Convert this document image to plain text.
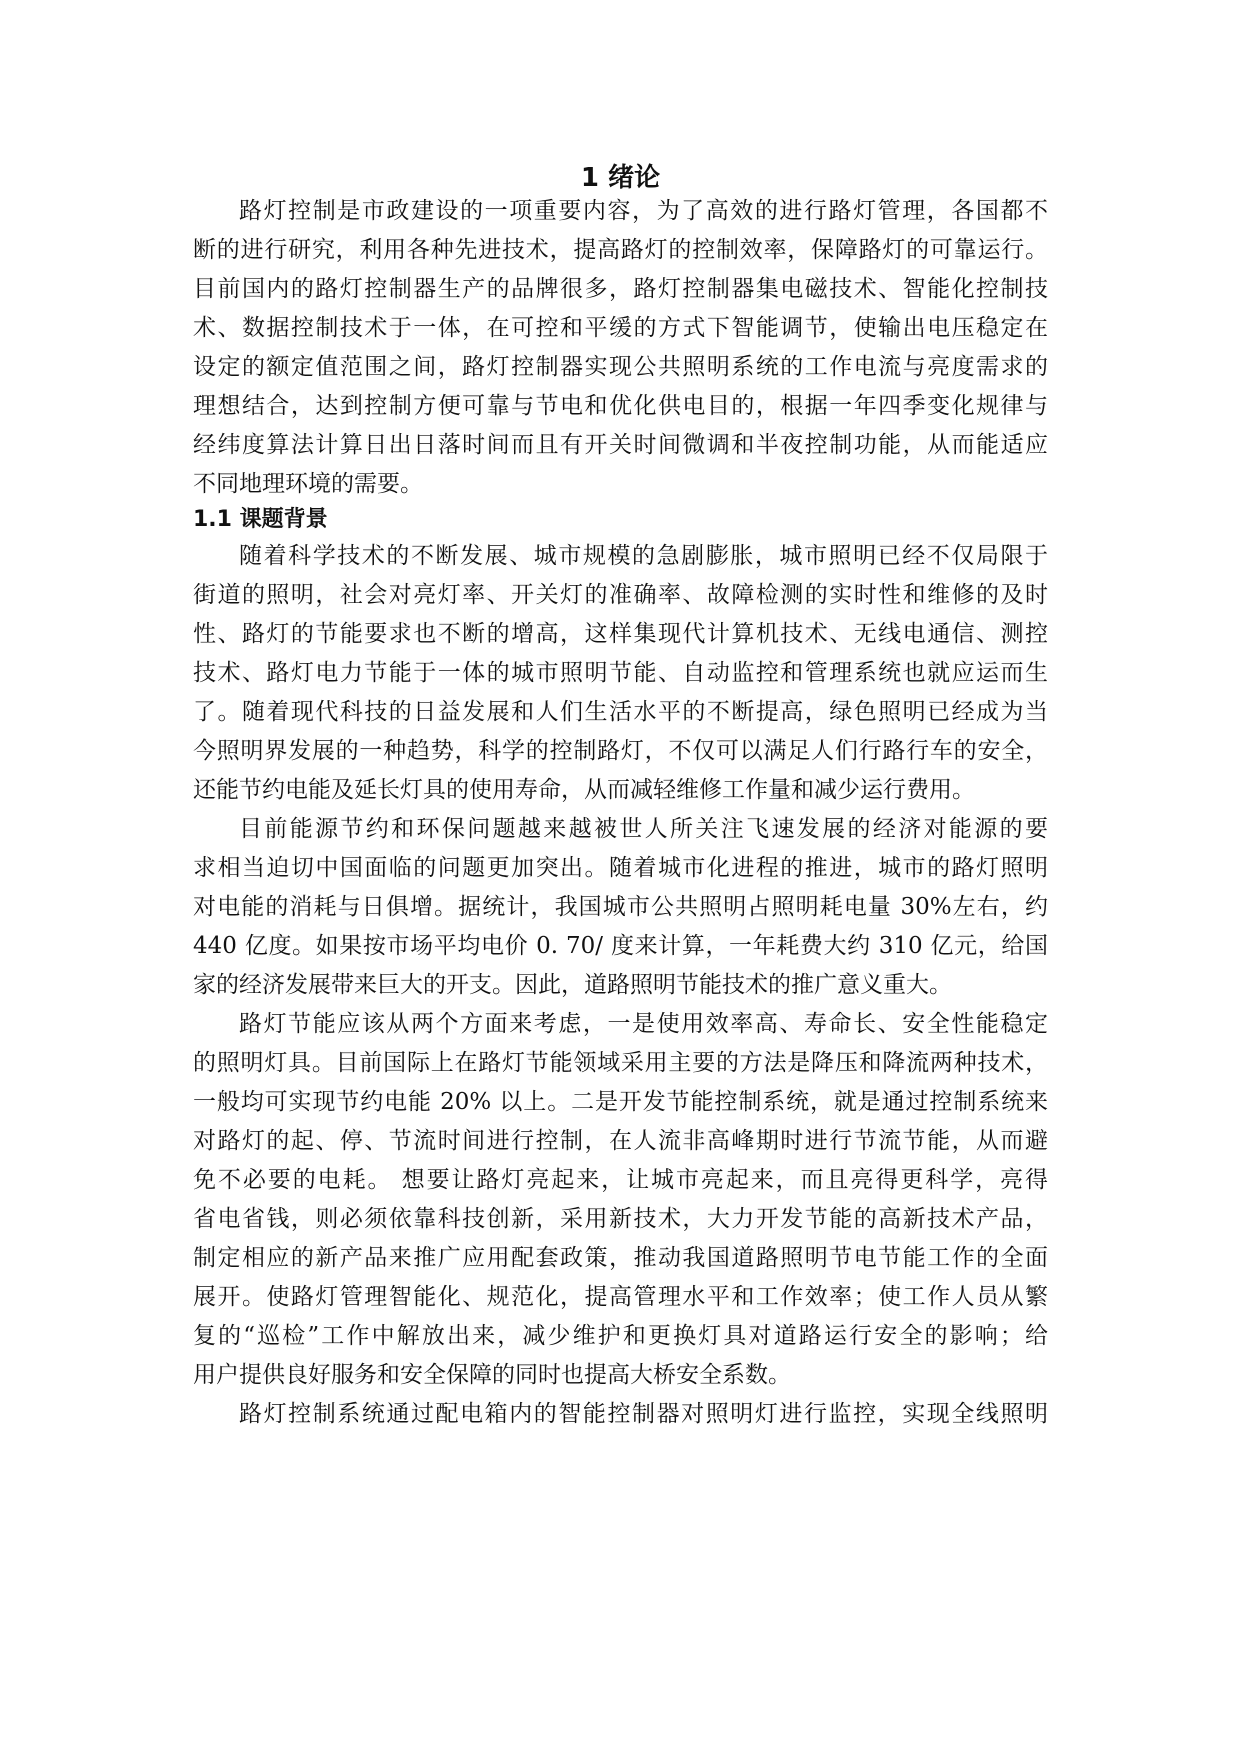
1 绪论

路灯控制是市政建设的一项重要内容，为了高效的进行路灯管理，各国都不

断的进行研究，利用各种先进技术，提高路灯的控制效率，保障路灯的可靠运行。

目前国内的路灯控制器生产的品牌很多，路灯控制器集电磁技术、智能化控制技

术、数据控制技术于一体，在可控和平缓的方式下智能调节，使输出电压稳定在

设定的额定值范围之间，路灯控制器实现公共照明系统的工作电流与亮度需求的

理想结合，达到控制方便可靠与节电和优化供电目的，根据一年四季变化规律与

经纬度算法计算日出日落时间而且有开关时间微调和半夜控制功能，从而能适应

不同地理环境的需要。

1.1 课题背景

随着科学技术的不断发展、城市规模的急剧膨胀，城市照明已经不仅局限于

街道的照明，社会对亮灯率、开关灯的准确率、故障检测的实时性和维修的及时

性、路灯的节能要求也不断的增高，这样集现代计算机技术、无线电通信、测控

技术、路灯电力节能于一体的城市照明节能、自动监控和管理系统也就应运而生

了。随着现代科技的日益发展和人们生活水平的不断提高，绿色照明已经成为当

今照明界发展的一种趋势，科学的控制路灯，不仅可以满足人们行路行车的安全，

还能节约电能及延长灯具的使用寿命，从而减轻维修工作量和减少运行费用。

目前能源节约和环保问题越来越被世人所关注飞速发展的经济对能源的要

求相当迫切中国面临的问题更加突出。随着城市化进程的推进，城市的路灯照明

对电能的消耗与日俱增。据统计，我国城市公共照明占照明耗电量 30%左右，约

440 亿度。如果按市场平均电价 0. 70/ 度来计算，一年耗费大约 310 亿元，给国

家的经济发展带来巨大的开支。因此，道路照明节能技术的推广意义重大。

路灯节能应该从两个方面来考虑，一是使用效率高、寿命长、安全性能稳定

的照明灯具。目前国际上在路灯节能领域采用主要的方法是降压和降流两种技术，

一般均可实现节约电能 20% 以上。二是开发节能控制系统，就是通过控制系统来

对路灯的起、停、节流时间进行控制，在人流非高峰期时进行节流节能，从而避

免不必要的电耗。 想要让路灯亮起来，让城市亮起来，而且亮得更科学，亮得

省电省钱，则必须依靠科技创新，采用新技术，大力开发节能的高新技术产品，

制定相应的新产品来推广应用配套政策，推动我国道路照明节电节能工作的全面

展开。使路灯管理智能化、规范化，提高管理水平和工作效率；使工作人员从繁

复的“巡检”工作中解放出来，减少维护和更换灯具对道路运行安全的影响；给

用户提供良好服务和安全保障的同时也提高大桥安全系数。

路灯控制系统通过配电箱内的智能控制器对照明灯进行监控，实现全线照明
